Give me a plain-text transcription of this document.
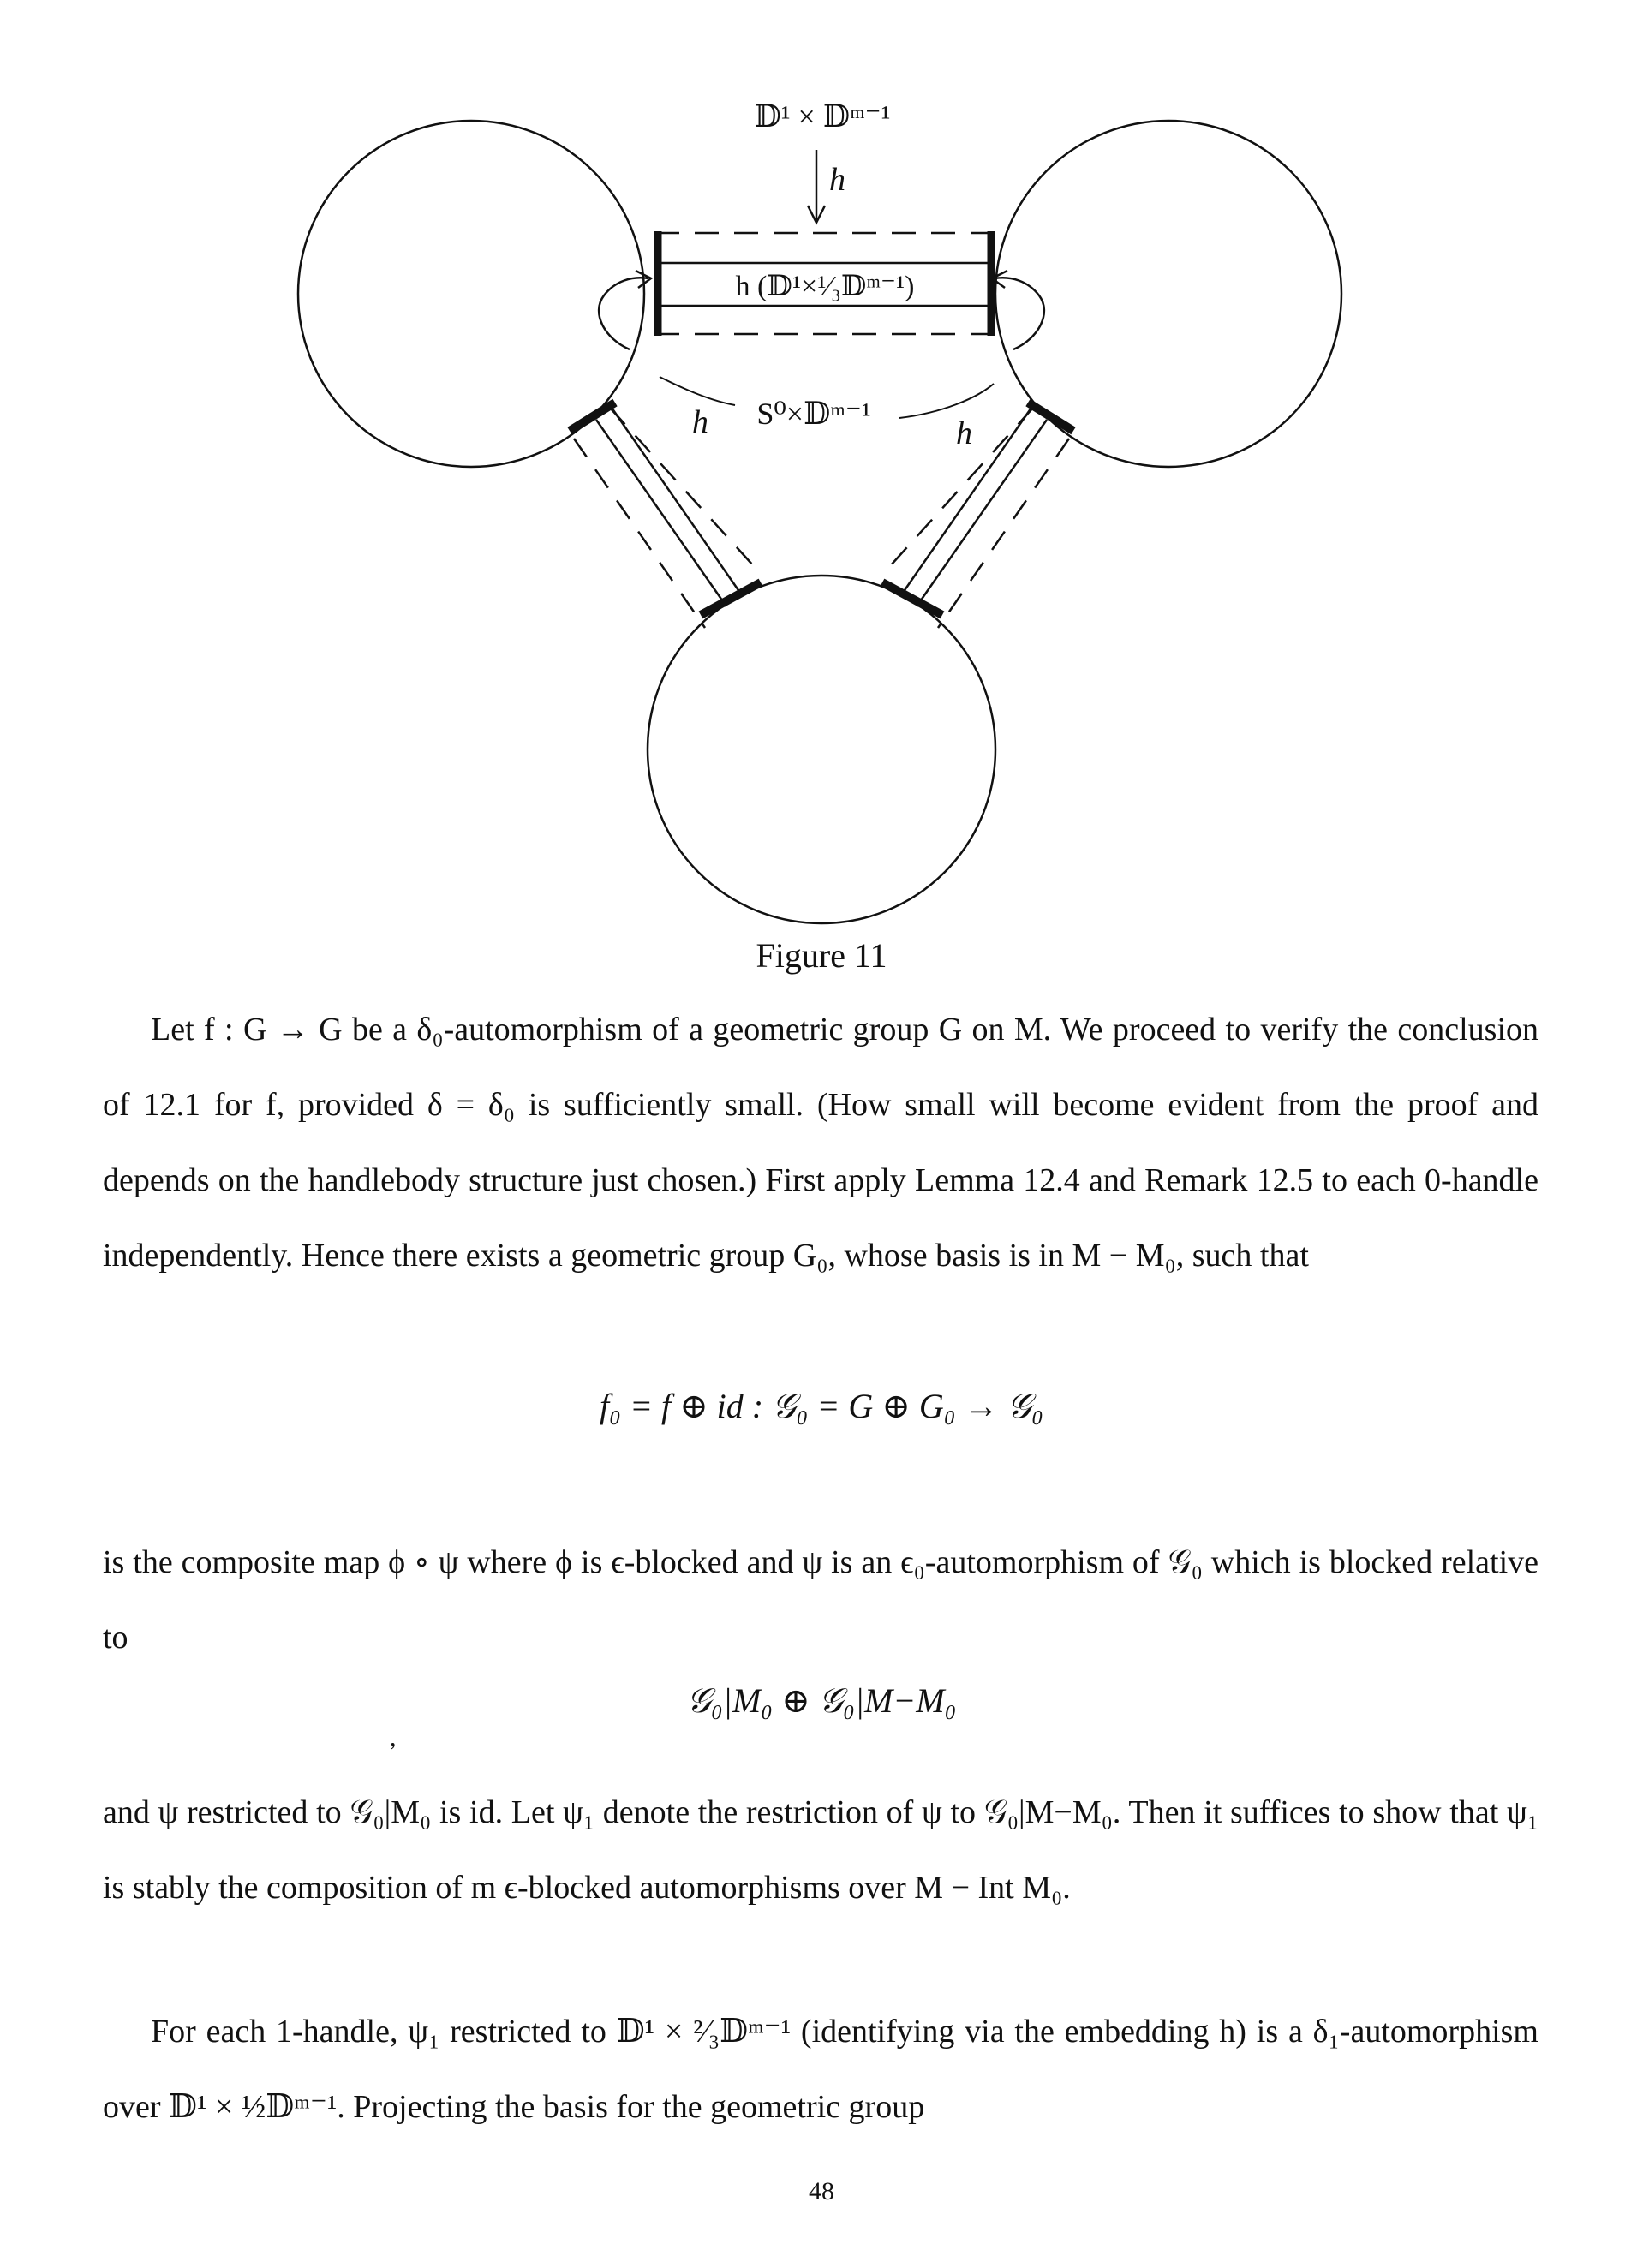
𝔻¹ × 𝔻ᵐ⁻¹
h
h (𝔻¹×¹⁄₃𝔻ᵐ⁻¹)
S⁰×𝔻ᵐ⁻¹
h	h
Figure 11
Let f : G → G be a δ₀-automorphism of a geometric group G on M. We proceed to verify the conclusion of 12.1 for f, provided δ = δ₀ is sufficiently small. (How small will become evident from the proof and depends on the handlebody structure just chosen.) First apply Lemma 12.4 and Remark 12.5 to each 0-handle independently. Hence there exists a geometric group G₀, whose basis is in M − M₀, such that
f₀ = f ⊕ id : 𝒢₀ = G ⊕ G₀ → 𝒢₀
is the composite map ϕ ∘ ψ where ϕ is ϵ-blocked and ψ is an ϵ₀-automorphism of 𝒢₀ which is blocked relative to
𝒢₀|M₀ ⊕ 𝒢₀|M−M₀
,
and ψ restricted to 𝒢₀|M₀ is id. Let ψ₁ denote the restriction of ψ to 𝒢₀|M−M₀. Then it suffices to show that ψ₁ is stably the composition of m ϵ-blocked automorphisms over M − Int M₀.
For each 1-handle, ψ₁ restricted to 𝔻¹ × ²⁄₃𝔻ᵐ⁻¹ (identifying via the embedding h) is a δ₁-automorphism over 𝔻¹ × ½𝔻ᵐ⁻¹. Projecting the basis for the geometric group
48
